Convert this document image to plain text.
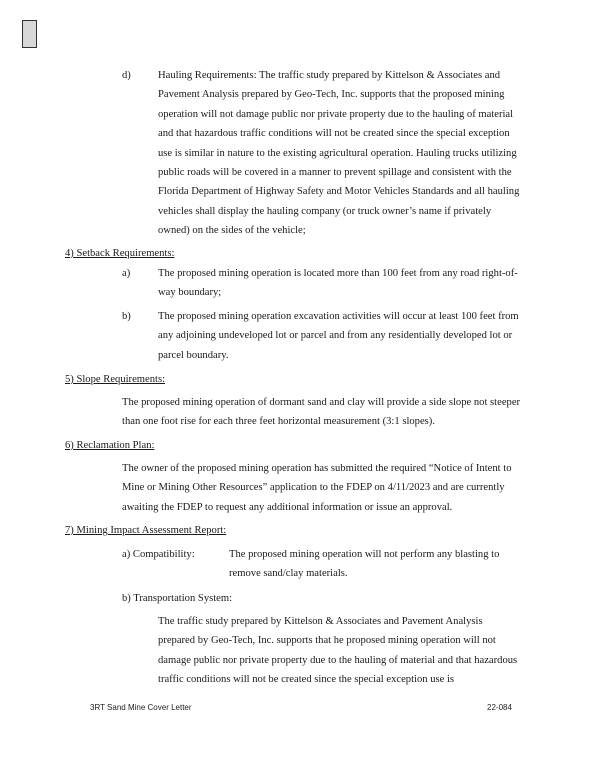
d)	Hauling Requirements: The traffic study prepared by Kittelson & Associates and Pavement Analysis prepared by Geo-Tech, Inc. supports that the proposed mining operation will not damage public nor private property due to the hauling of material and that hazardous traffic conditions will not be created since the special exception use is similar in nature to the existing agricultural operation. Hauling trucks utilizing public roads will be covered in a manner to prevent spillage and consistent with the Florida Department of Highway Safety and Motor Vehicles Standards and all hauling vehicles shall display the hauling company (or truck owner’s name if privately owned) on the sides of the vehicle;

4) Setback Requirements:
a)	The proposed mining operation is located more than 100 feet from any road right-of-way boundary;

b)	The proposed mining operation excavation activities will occur at least 100 feet from any adjoining undeveloped lot or parcel and from any residentially developed lot or parcel boundary.

5) Slope Requirements:

The proposed mining operation of dormant sand and clay will provide a side slope not steeper than one foot rise for each three feet horizontal measurement (3:1 slopes).

6) Reclamation Plan:

The owner of the proposed mining operation has submitted the required “Notice of Intent to Mine or Mining Other Resources” application to the FDEP on 4/11/2023 and are currently awaiting the FDEP to request any additional information or issue an approval.

7) Mining Impact Assessment Report:
a) Compatibility:	The proposed mining operation will not perform any blasting to remove sand/clay materials.

b) Transportation System:

The traffic study prepared by Kittelson & Associates and Pavement Analysis prepared by Geo-Tech, Inc. supports that he proposed mining operation will not damage public nor private property due to the hauling of material and that hazardous traffic conditions will not be created since the special exception use is

3RT Sand Mine Cover Letter	22-084
